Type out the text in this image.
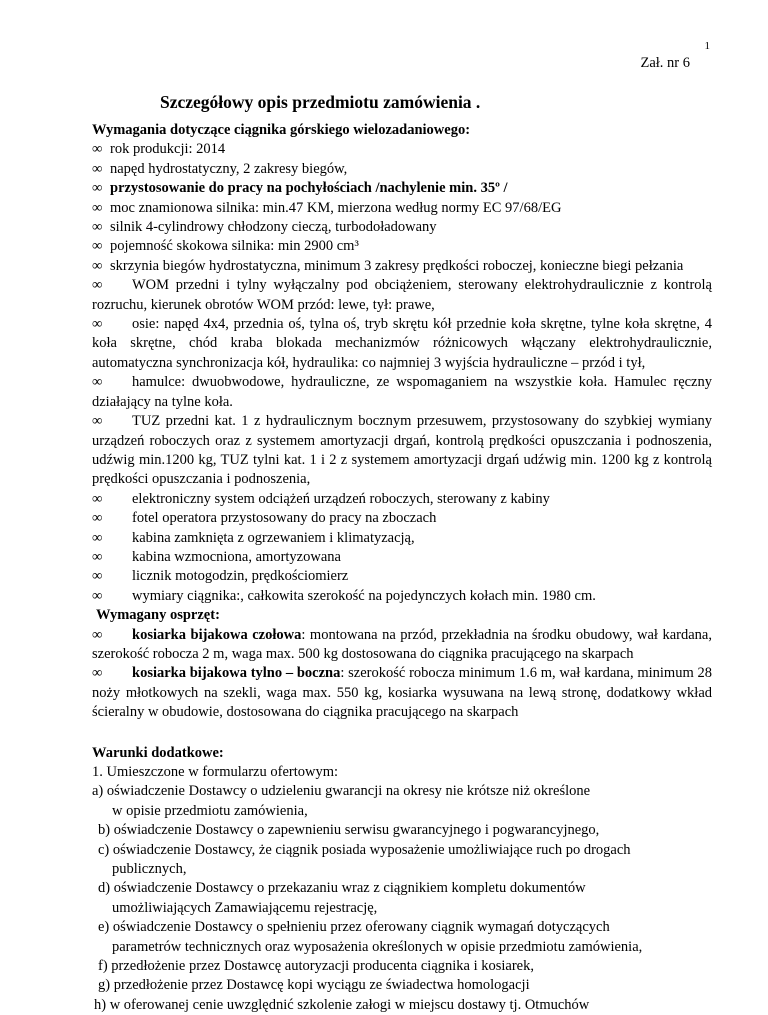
1
Zał. nr 6
Szczegółowy opis przedmiotu zamówienia .
Wymagania dotyczące ciągnika górskiego wielozadaniowego:
∞ rok produkcji: 2014
∞ napęd hydrostatyczny, 2 zakresy biegów,
∞ przystosowanie do pracy na pochyłościach /nachylenie min. 35º /
∞ moc znamionowa silnika: min.47 KM, mierzona według normy EC 97/68/EG
∞ silnik 4-cylindrowy chłodzony cieczą, turbodoładowany
∞ pojemność skokowa silnika: min 2900 cm³
∞ skrzynia biegów hydrostatyczna, minimum 3 zakresy prędkości roboczej, konieczne biegi pełzania
∞ WOM przedni i tylny wyłączalny pod obciążeniem, sterowany elektrohydraulicznie z kontrolą rozruchu, kierunek obrotów WOM przód: lewe, tył: prawe,
∞ osie: napęd 4x4, przednia oś, tylna oś, tryb skrętu kół przednie koła skrętne, tylne koła skrętne, 4 koła skrętne, chód kraba blokada mechanizmów różnicowych włączany elektrohydraulicznie, automatyczna synchronizacja kół, hydraulika: co najmniej 3 wyjścia hydrauliczne – przód i tył,
∞ hamulce: dwuobwodowe, hydrauliczne, ze wspomaganiem na wszystkie koła. Hamulec ręczny działający na tylne koła.
∞ TUZ przedni kat. 1 z hydraulicznym bocznym przesuwem, przystosowany do szybkiej wymiany urządzeń roboczych oraz z systemem amortyzacji drgań, kontrolą prędkości opuszczania i podnoszenia, udźwig min.1200 kg, TUZ tylni kat. 1 i 2 z systemem amortyzacji drgań udźwig min. 1200 kg z kontrolą prędkości opuszczania i podnoszenia,
∞ elektroniczny system odciążeń urządzeń roboczych, sterowany z kabiny
∞ fotel operatora przystosowany do pracy na zboczach
∞ kabina zamknięta z ogrzewaniem i klimatyzacją,
∞ kabina wzmocniona, amortyzowana
∞ licznik motogodzin, prędkościomierz
∞ wymiary ciągnika:, całkowita szerokość na pojedynczych kołach min. 1980 cm.
Wymagany osprzęt:
∞ kosiarka bijakowa czołowa: montowana na przód, przekładnia na środku obudowy, wał kardana, szerokość robocza 2 m, waga max. 500 kg dostosowana do ciągnika pracującego na skarpach
∞ kosiarka bijakowa tylno – boczna: szerokość robocza minimum 1.6 m, wał kardana, minimum 28 noży młotkowych na szekli, waga max. 550 kg, kosiarka wysuwana na lewą stronę, dodatkowy wkład ścieralny w obudowie, dostosowana do ciągnika pracującego na skarpach
Warunki dodatkowe:
1. Umieszczone w formularzu ofertowym:
a) oświadczenie Dostawcy o udzieleniu gwarancji na okresy nie krótsze niż określone
w opisie przedmiotu zamówienia,
b) oświadczenie Dostawcy o zapewnieniu serwisu gwarancyjnego i pogwarancyjnego,
c) oświadczenie Dostawcy, że ciągnik posiada wyposażenie umożliwiające ruch po drogach
publicznych,
d) oświadczenie Dostawcy o przekazaniu wraz z ciągnikiem kompletu dokumentów
umożliwiających Zamawiającemu rejestrację,
e) oświadczenie Dostawcy o spełnieniu przez oferowany ciągnik wymagań dotyczących
parametrów technicznych oraz wyposażenia określonych w opisie przedmiotu zamówienia,
f) przedłożenie przez Dostawcę autoryzacji producenta ciągnika i kosiarek,
g) przedłożenie przez Dostawcę kopi wyciągu ze świadectwa homologacji
h) w oferowanej cenie uwzględnić szkolenie załogi w miejscu dostawy tj. Otmuchów
